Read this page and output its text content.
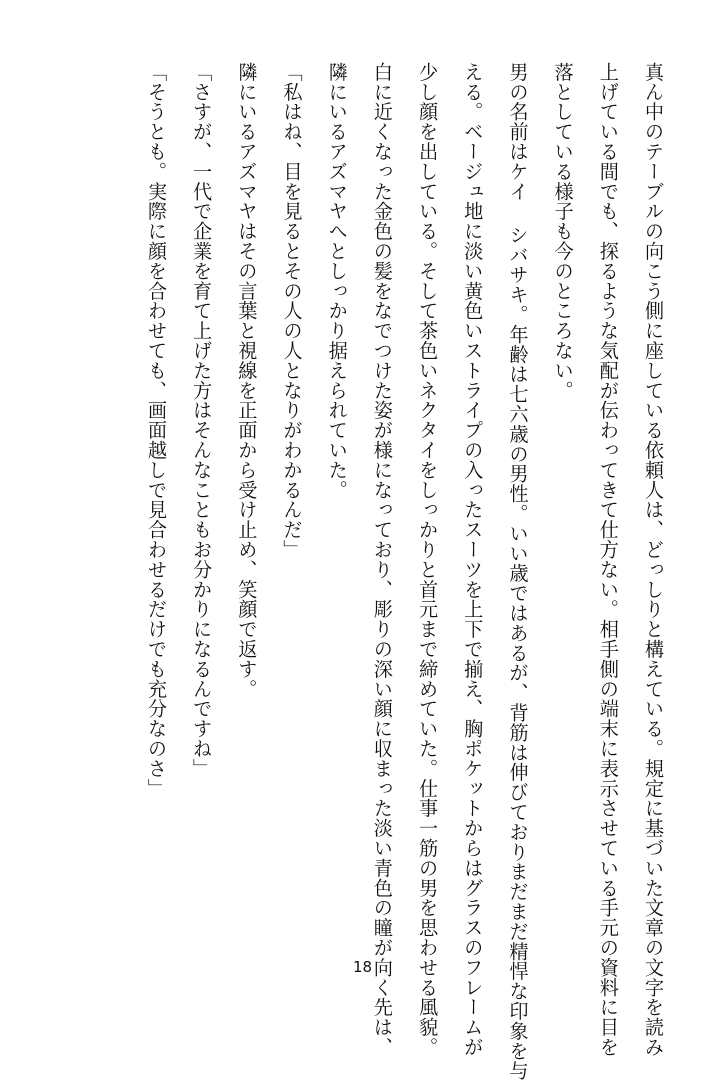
真ん中のテーブルの向こう側に座している依頼人は、どっしりと構えている。規定に基づいた文章の文字を読み
上げている間でも、探るような気配が伝わってきて仕方ない。相手側の端末に表示させている手元の資料に目を
落としている様子も今のところない。
男の名前はケイ シバサキ。年齢は七六歳の男性。いい歳ではあるが、背筋は伸びておりまだまだ精悍な印象を与
える。ベージュ地に淡い黄色いストライプの入ったスーツを上下で揃え、胸ポケットからはグラスのフレームが
少し顔を出している。そして茶色いネクタイをしっかりと首元まで締めていた。仕事一筋の男を思わせる風貌。
白に近くなった金色の髪をなでつけた姿が様になっており、彫りの深い顔に収まった淡い青色の瞳が向く先は、
隣にいるアズマヤへとしっかり据えられていた。
「私はね、目を見るとその人の人となりがわかるんだ」
隣にいるアズマヤはその言葉と視線を正面から受け止め、笑顔で返す。
「さすが、一代で企業を育て上げた方はそんなこともお分かりになるんですね」
「そうとも。実際に顔を合わせても、画面越しで見合わせるだけでも充分なのさ」
18
